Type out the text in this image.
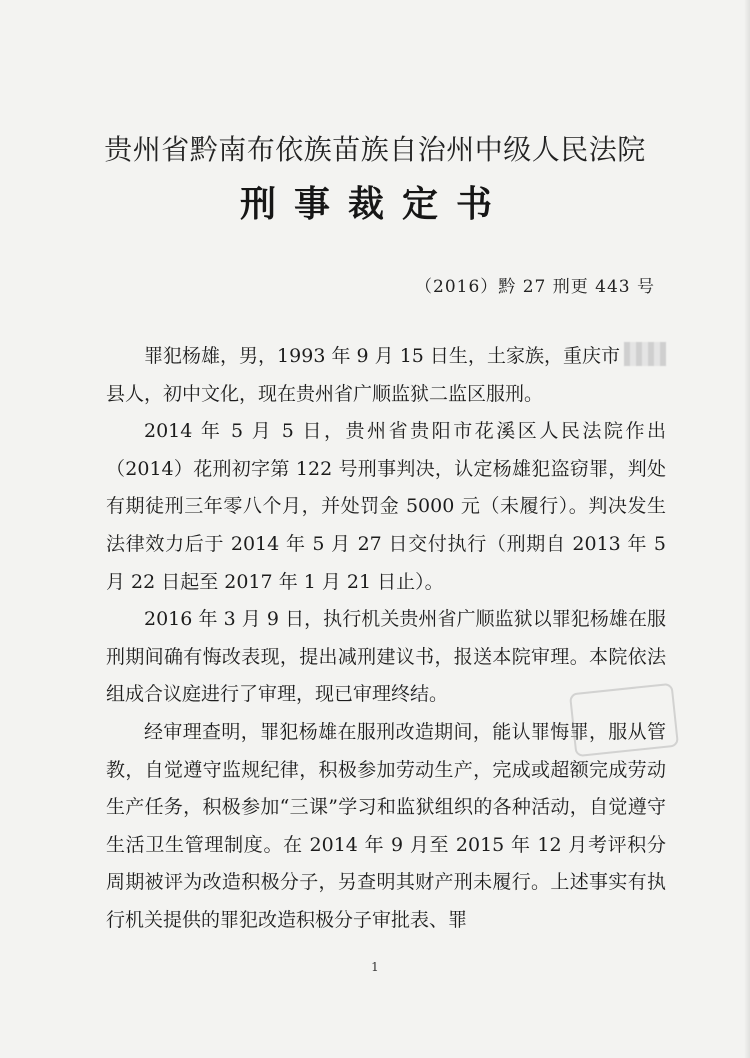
贵州省黔南布依族苗族自治州中级人民法院
刑事裁定书
（2016）黔 27 刑更 443 号

罪犯杨雄，男，1993 年 9 月 15 日生，土家族，重庆市县人，初中文化，现在贵州省广顺监狱二监区服刑。

2014 年 5 月 5 日，贵州省贵阳市花溪区人民法院作出（2014）花刑初字第 122 号刑事判决，认定杨雄犯盗窃罪，判处有期徒刑三年零八个月，并处罚金 5000 元（未履行）。判决发生法律效力后于 2014 年 5 月 27 日交付执行（刑期自 2013 年 5 月 22 日起至 2017 年 1 月 21 日止）。

2016 年 3 月 9 日，执行机关贵州省广顺监狱以罪犯杨雄在服刑期间确有悔改表现，提出减刑建议书，报送本院审理。本院依法组成合议庭进行了审理，现已审理终结。

经审理查明，罪犯杨雄在服刑改造期间，能认罪悔罪，服从管教，自觉遵守监规纪律，积极参加劳动生产，完成或超额完成劳动生产任务，积极参加“三课”学习和监狱组织的各种活动，自觉遵守生活卫生管理制度。在 2014 年 9 月至 2015 年 12 月考评积分周期被评为改造积极分子，另查明其财产刑未履行。上述事实有执行机关提供的罪犯改造积极分子审批表、罪

1
